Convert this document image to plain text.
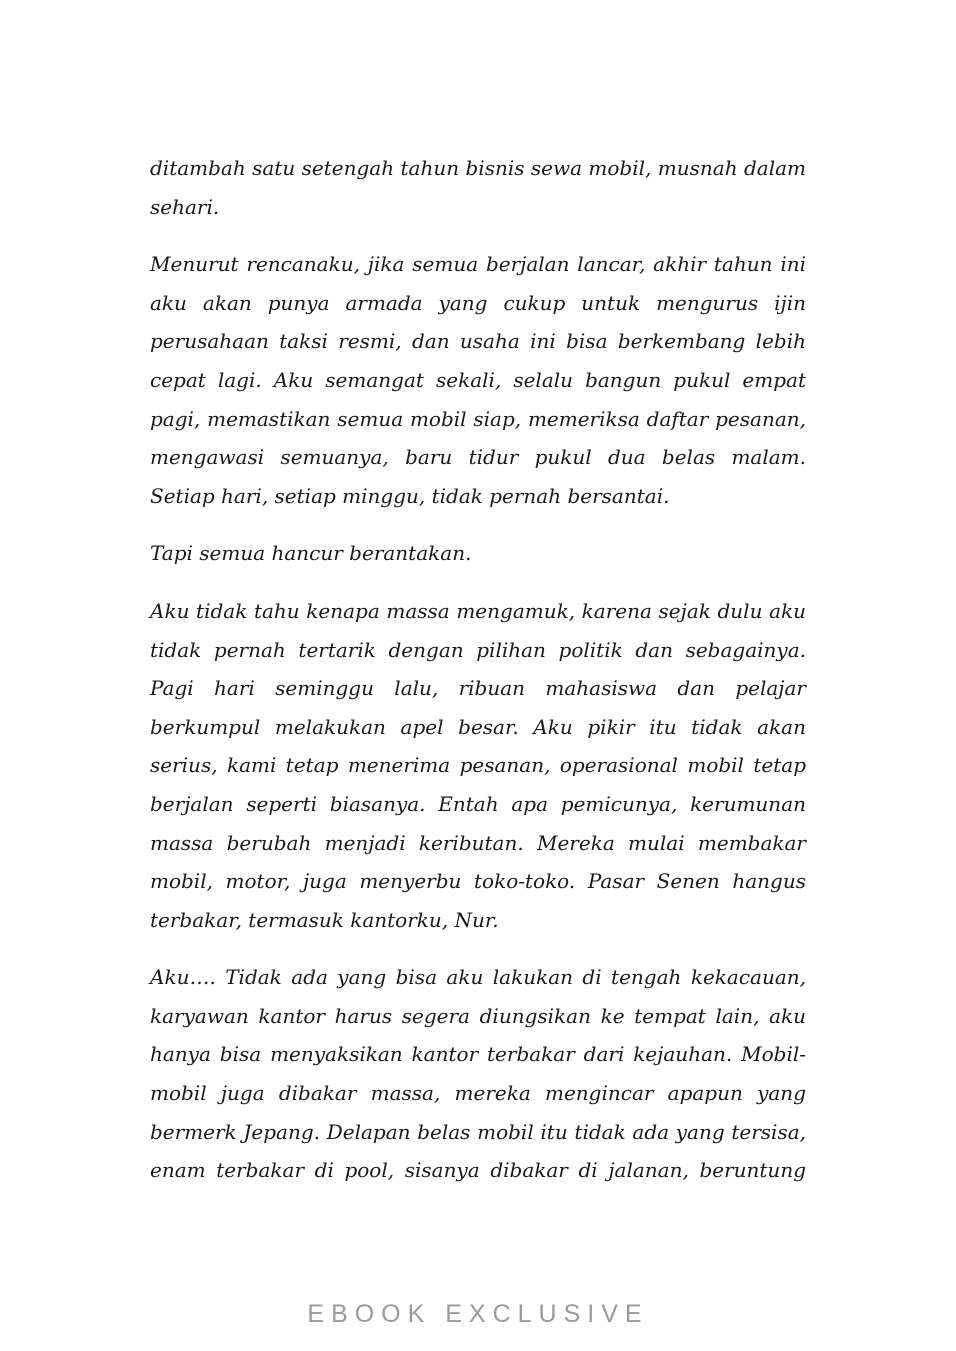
ditambah satu setengah tahun bisnis sewa mobil, musnah dalam sehari.

Menurut rencanaku, jika semua berjalan lancar, akhir tahun ini aku akan punya armada yang cukup untuk mengurus ijin perusahaan taksi resmi, dan usaha ini bisa berkembang lebih cepat lagi. Aku semangat sekali, selalu bangun pukul empat pagi, memastikan semua mobil siap, memeriksa daftar pesanan, mengawasi semuanya, baru tidur pukul dua belas malam. Setiap hari, setiap minggu, tidak pernah bersantai.

Tapi semua hancur berantakan.

Aku tidak tahu kenapa massa mengamuk, karena sejak dulu aku tidak pernah tertarik dengan pilihan politik dan sebagainya. Pagi hari seminggu lalu, ribuan mahasiswa dan pelajar berkumpul melakukan apel besar. Aku pikir itu tidak akan serius, kami tetap menerima pesanan, operasional mobil tetap berjalan seperti biasanya. Entah apa pemicunya, kerumunan massa berubah menjadi keributan. Mereka mulai membakar mobil, motor, juga menyerbu toko-toko. Pasar Senen hangus terbakar, termasuk kantorku, Nur.

Aku…. Tidak ada yang bisa aku lakukan di tengah kekacauan, karyawan kantor harus segera diungsikan ke tempat lain, aku hanya bisa menyaksikan kantor terbakar dari kejauhan. Mobil-mobil juga dibakar massa, mereka mengincar apapun yang bermerk Jepang. Delapan belas mobil itu tidak ada yang tersisa, enam terbakar di pool, sisanya dibakar di jalanan, beruntung

EBOOK EXCLUSIVE
